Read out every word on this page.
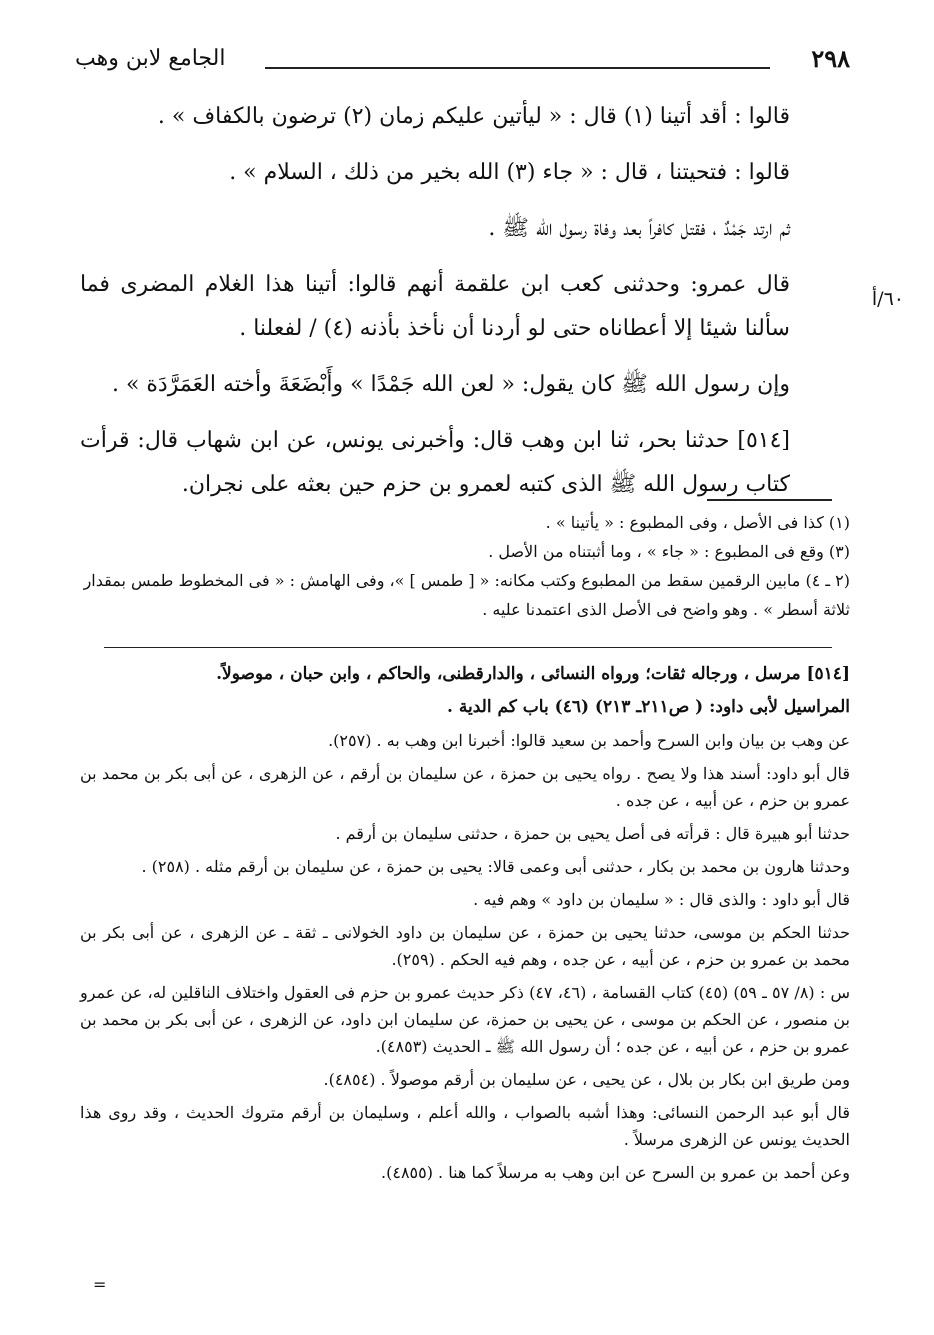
٢٩٨
الجامع لابن وهب
٦٠/أ

قالوا : أقد أتينا (١) قال : « ليأتين عليكم زمان (٢) ترضون بالكفاف » .

قالوا : فتحيتنا ، قال : « جاء (٣) الله بخير من ذلك ، السلام » .

ثم ارتد جَمْدٌ ، فقتل كافراً بعد وفاة رسول الله ﷺ .

قال عمرو: وحدثنى كعب ابن علقمة أنهم قالوا: أتينا هذا الغلام المضرى فما سألنا شيئا إلا أعطاناه حتى لو أردنا أن نأخذ بأذنه (٤) / لفعلنا .

وإن رسول الله ﷺ كان يقول: « لعن الله جَمْدًا » وأَبْضَعَةَ وأخته العَمَرَّدَة » .

[٥١٤] حدثنا بحر، ثنا ابن وهب قال: وأخبرنى يونس، عن ابن شهاب قال: قرأت كتاب رسول الله ﷺ الذى كتبه لعمرو بن حزم حين بعثه على نجران.

(١) كذا فى الأصل ، وفى المطبوع : « يأتينا » .
(٣) وقع فى المطبوع : « جاء » ، وما أثبتناه من الأصل .
(٢ ـ ٤) مابين الرقمين سقط من المطبوع وكتب مكانه: « [ طمس ] »، وفى الهامش : « فى المخطوط طمس بمقدار ثلاثة أسطر » . وهو واضح فى الأصل الذى اعتمدنا عليه .
[٥١٤] مرسل ، ورجاله ثقات؛ ورواه النسائى ، والدارقطنى، والحاكم ، وابن حبان ، موصولاً.
المراسيل لأبى داود: ( ص٢١١ـ ٢١٣) (٤٦) باب كم الدية .
عن وهب بن بيان وابن السرح وأحمد بن سعيد قالوا: أخبرنا ابن وهب به . (٢٥٧).
قال أبو داود: أسند هذا ولا يصح . رواه يحيى بن حمزة ، عن سليمان بن أرقم ، عن الزهرى ، عن أبى بكر بن محمد بن عمرو بن حزم ، عن أبيه ، عن جده .
حدثنا أبو هبيرة قال : قرأته فى أصل يحيى بن حمزة ، حدثنى سليمان بن أرقم .
وحدثنا هارون بن محمد بن بكار ، حدثنى أبى وعمى قالا: يحيى بن حمزة ، عن سليمان بن أرقم مثله . (٢٥٨) .
قال أبو داود : والذى قال : « سليمان بن داود » وهم فيه .
حدثنا الحكم بن موسى، حدثنا يحيى بن حمزة ، عن سليمان بن داود الخولانى ـ ثقة ـ عن الزهرى ، عن أبى بكر بن محمد بن عمرو بن حزم ، عن أبيه ، عن جده ، وهم فيه الحكم . (٢٥٩).
س : (٨/ ٥٧ ـ ٥٩) (٤٥) كتاب القسامة ، (٤٦، ٤٧) ذكر حديث عمرو بن حزم فى العقول واختلاف الناقلين له، عن عمرو بن منصور ، عن الحكم بن موسى ، عن يحيى بن حمزة، عن سليمان ابن داود، عن الزهرى ، عن أبى بكر بن محمد بن عمرو بن حزم ، عن أبيه ، عن جده ؛ أن رسول الله ﷺ ـ الحديث (٤٨٥٣).
ومن طريق ابن بكار بن بلال ، عن يحيى ، عن سليمان بن أرقم موصولاً . (٤٨٥٤).
قال أبو عبد الرحمن النسائى: وهذا أشبه بالصواب ، والله أعلم ، وسليمان بن أرقم متروك الحديث ، وقد روى هذا الحديث يونس عن الزهرى مرسلاً .
وعن أحمد بن عمرو بن السرح عن ابن وهب به مرسلاً كما هنا . (٤٨٥٥).
=
